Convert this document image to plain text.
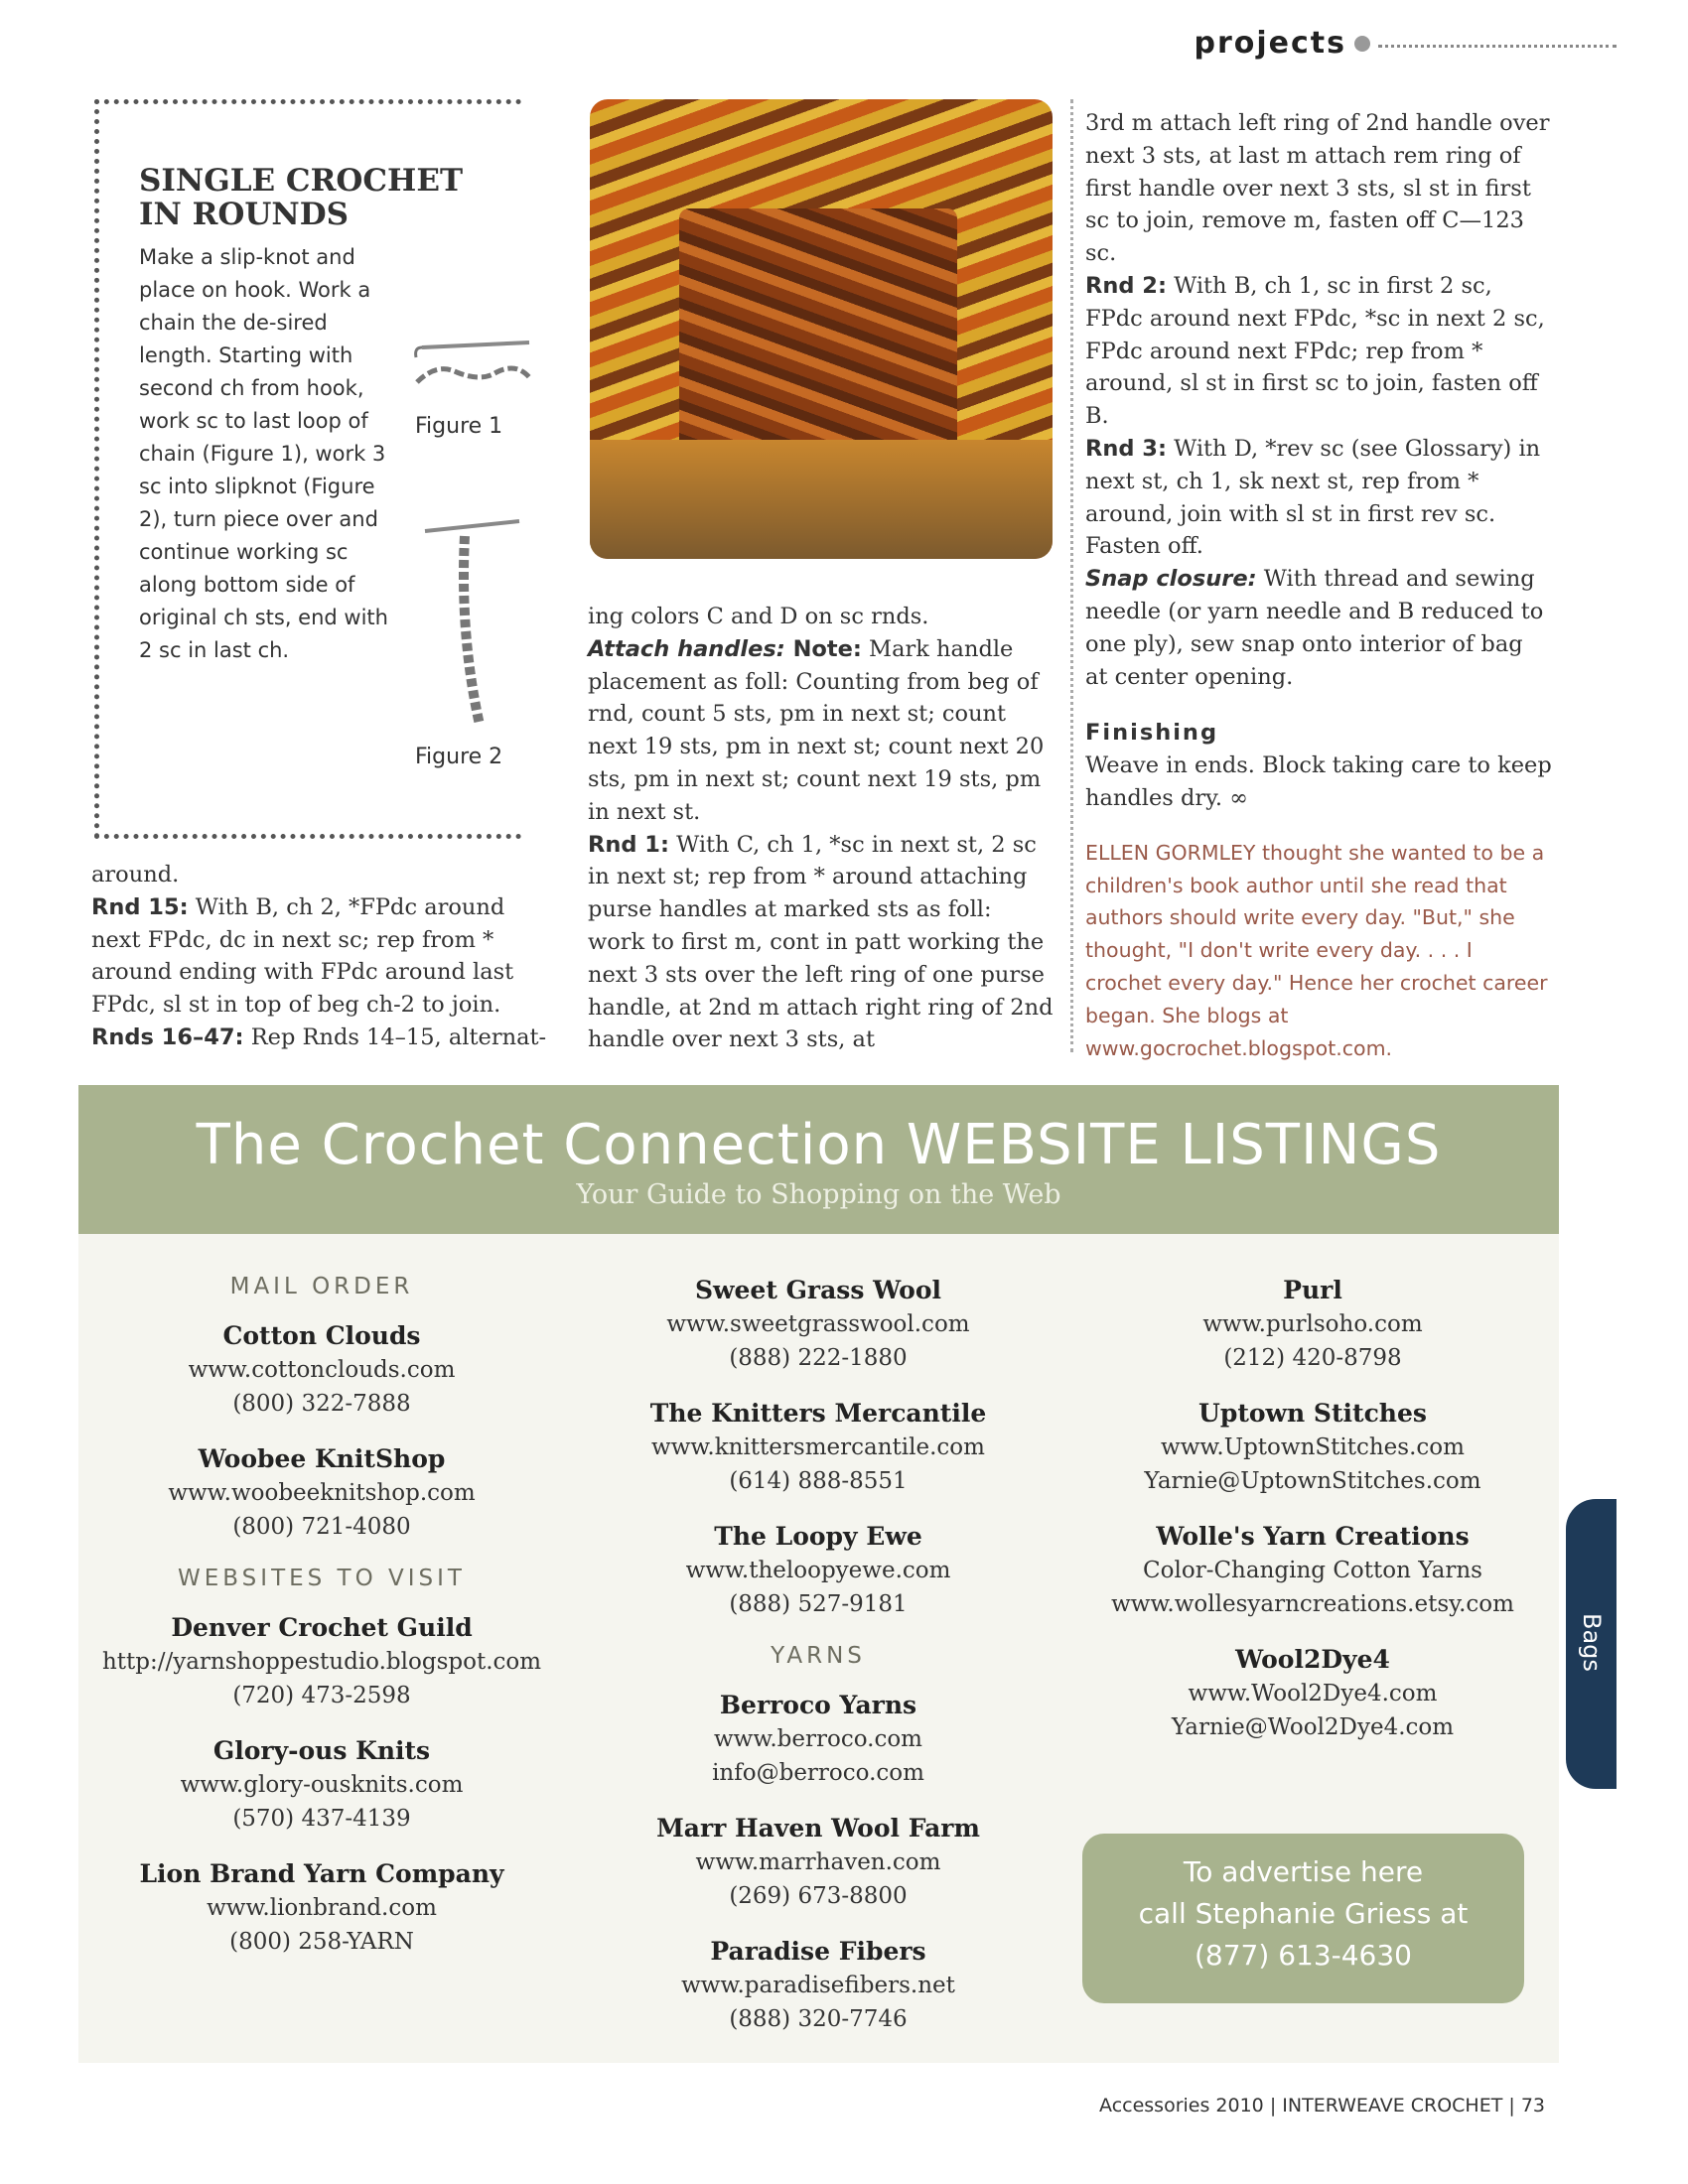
projects
SINGLE CROCHET
IN ROUNDS
Make a slip-knot and place on hook. Work a chain the de-sired length. Starting with second ch from hook, work sc to last loop of chain (Figure 1), work 3 sc into slipknot (Figure 2), turn piece over and continue working sc along bottom side of original ch sts, end with 2 sc in last ch.
Figure 1
Figure 2
around.
Rnd 15: With B, ch 2, *FPdc around next FPdc, dc in next sc; rep from * around ending with FPdc around last FPdc, sl st in top of beg ch-2 to join.
Rnds 16–47: Rep Rnds 14–15, alternat-
ing colors C and D on sc rnds.
Attach handles: Note: Mark handle placement as foll: Counting from beg of rnd, count 5 sts, pm in next st; count next 19 sts, pm in next st; count next 20 sts, pm in next st; count next 19 sts, pm in next st.
Rnd 1: With C, ch 1, *sc in next st, 2 sc in next st; rep from * around attaching purse handles at marked sts as foll: work to first m, cont in patt working the next 3 sts over the left ring of one purse handle, at 2nd m attach right ring of 2nd handle over next 3 sts, at
3rd m attach left ring of 2nd handle over next 3 sts, at last m attach rem ring of first handle over next 3 sts, sl st in first sc to join, remove m, fasten off C—123 sc.
Rnd 2: With B, ch 1, sc in first 2 sc, FPdc around next FPdc, *sc in next 2 sc, FPdc around next FPdc; rep from * around, sl st in first sc to join, fasten off B.
Rnd 3: With D, *rev sc (see Glossary) in next st, ch 1, sk next st, rep from * around, join with sl st in first rev sc. Fasten off.
Snap closure: With thread and sewing needle (or yarn needle and B reduced to one ply), sew snap onto interior of bag at center opening.
Finishing
Weave in ends. Block taking care to keep handles dry. ∞
ELLEN GORMLEY thought she wanted to be a children's book author until she read that authors should write every day. "But," she thought, "I don't write every day. . . . I crochet every day." Hence her crochet career began. She blogs at www.gocrochet.blogspot.com.
The Crochet Connection WEBSITE LISTINGS
Your Guide to Shopping on the Web
MAIL ORDER
Cotton Clouds
www.cottonclouds.com
(800) 322-7888
Woobee KnitShop
www.woobeeknitshop.com
(800) 721-4080
WEBSITES TO VISIT
Denver Crochet Guild
http://yarnshoppestudio.blogspot.com
(720) 473-2598
Glory-ous Knits
www.glory-ousknits.com
(570) 437-4139
Lion Brand Yarn Company
www.lionbrand.com
(800) 258-YARN
Sweet Grass Wool
www.sweetgrasswool.com
(888) 222-1880
The Knitters Mercantile
www.knittersmercantile.com
(614) 888-8551
The Loopy Ewe
www.theloopyewe.com
(888) 527-9181
YARNS
Berroco Yarns
www.berroco.com
info@berroco.com
Marr Haven Wool Farm
www.marrhaven.com
(269) 673-8800
Paradise Fibers
www.paradisefibers.net
(888) 320-7746
Purl
www.purlsoho.com
(212) 420-8798
Uptown Stitches
www.UptownStitches.com
Yarnie@UptownStitches.com
Wolle's Yarn Creations
Color-Changing Cotton Yarns
www.wollesyarncreations.etsy.com
Wool2Dye4
www.Wool2Dye4.com
Yarnie@Wool2Dye4.com
Bags
To advertise here
call Stephanie Griess at
(877) 613-4630
Accessories 2010 | INTERWEAVE CROCHET | 73
